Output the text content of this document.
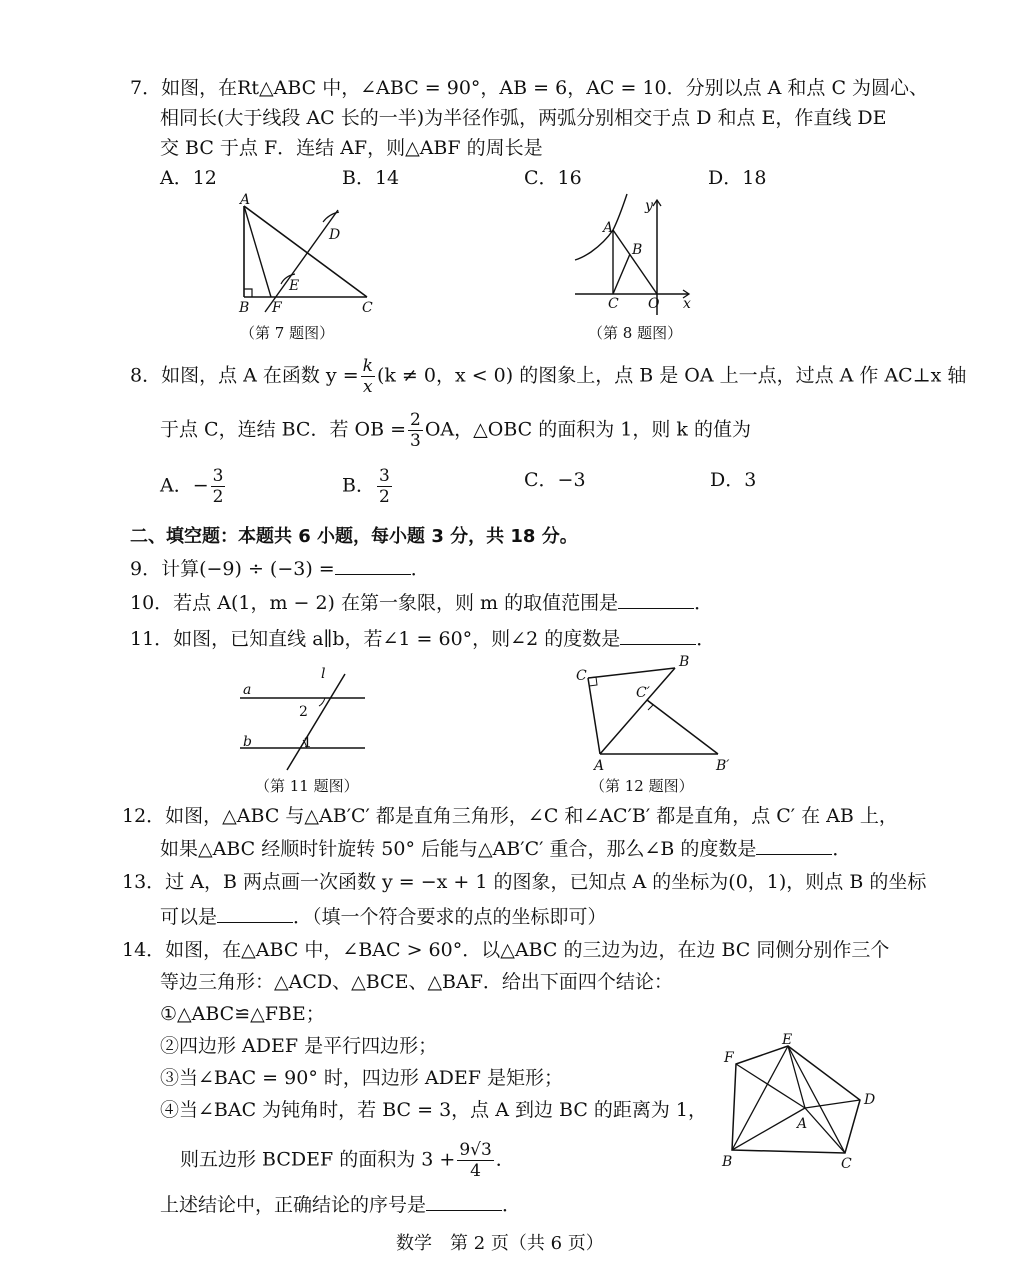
7．如图，在Rt△ABC 中，∠ABC = 90°，AB = 6，AC = 10．分别以点 A 和点 C 为圆心、
相同长(大于线段 AC 长的一半)为半径作弧，两弧分别相交于点 D 和点 E，作直线 DE
交 BC 于点 F．连结 AF，则△ABF 的周长是
A．12	B．14	C．16	D．18
A
B	C
D
E
F
（第 7 题图）
A
B
C O x
y
（第 8 题图）
8．如图，点 A 在函数 $y = \frac{k}{x} (k \ne 0$，x < 0) 的图象上，点 B 是 OA 上一点，过点 A 作 AC⊥x 轴
于点 C，连结 BC．若 OB = $\frac{2}{3}$ OA，△OBC 的面积为 1，则 k 的值为
A．− $\frac{3}{2}$	B． $\frac{3}{2}$	C．−3	D．3
二、填空题：本题共 6 小题，每小题 3 分，共 18 分。
9．计算(−9) ÷ (−3) =	．
10．若点 A(1，m − 2) 在第一象限，则 m 的取值范围是	．
11．如图，已知直线 a∥b，若∠1 = 60°，则∠2 的度数是	．
a
b
l
2
1
（第 11 题图）
C
B
C′
A	B′
（第 12 题图）
12．如图，△ABC 与△AB′C′ 都是直角三角形，∠C 和∠AC′B′ 都是直角，点 C′ 在 AB 上，
如果△ABC 经顺时针旋转 50° 后能与△AB′C′ 重合，那么∠B 的度数是	．
13．过 A，B 两点画一次函数 y = −x + 1 的图象，已知点 A 的坐标为(0，1)，则点 B 的坐标
可以是	．（填一个符合要求的点的坐标即可）
14．如图，在△ABC 中，∠BAC > 60°．以△ABC 的三边为边，在边 BC 同侧分别作三个
等边三角形：△ACD、△BCE、△BAF．给出下面四个结论：
①△ABC≌△FBE；
②四边形 ADEF 是平行四边形；
③当∠BAC = 90° 时，四边形 ADEF 是矩形；
④当∠BAC 为钝角时，若 BC = 3，点 A 到边 BC 的距离为 1，
则五边形 BCDEF 的面积为 $3 + \frac{9√3}{4}$ ．
上述结论中，正确结论的序号是	．
F
E
D
A
B	C
数学　第 2 页（共 6 页）
